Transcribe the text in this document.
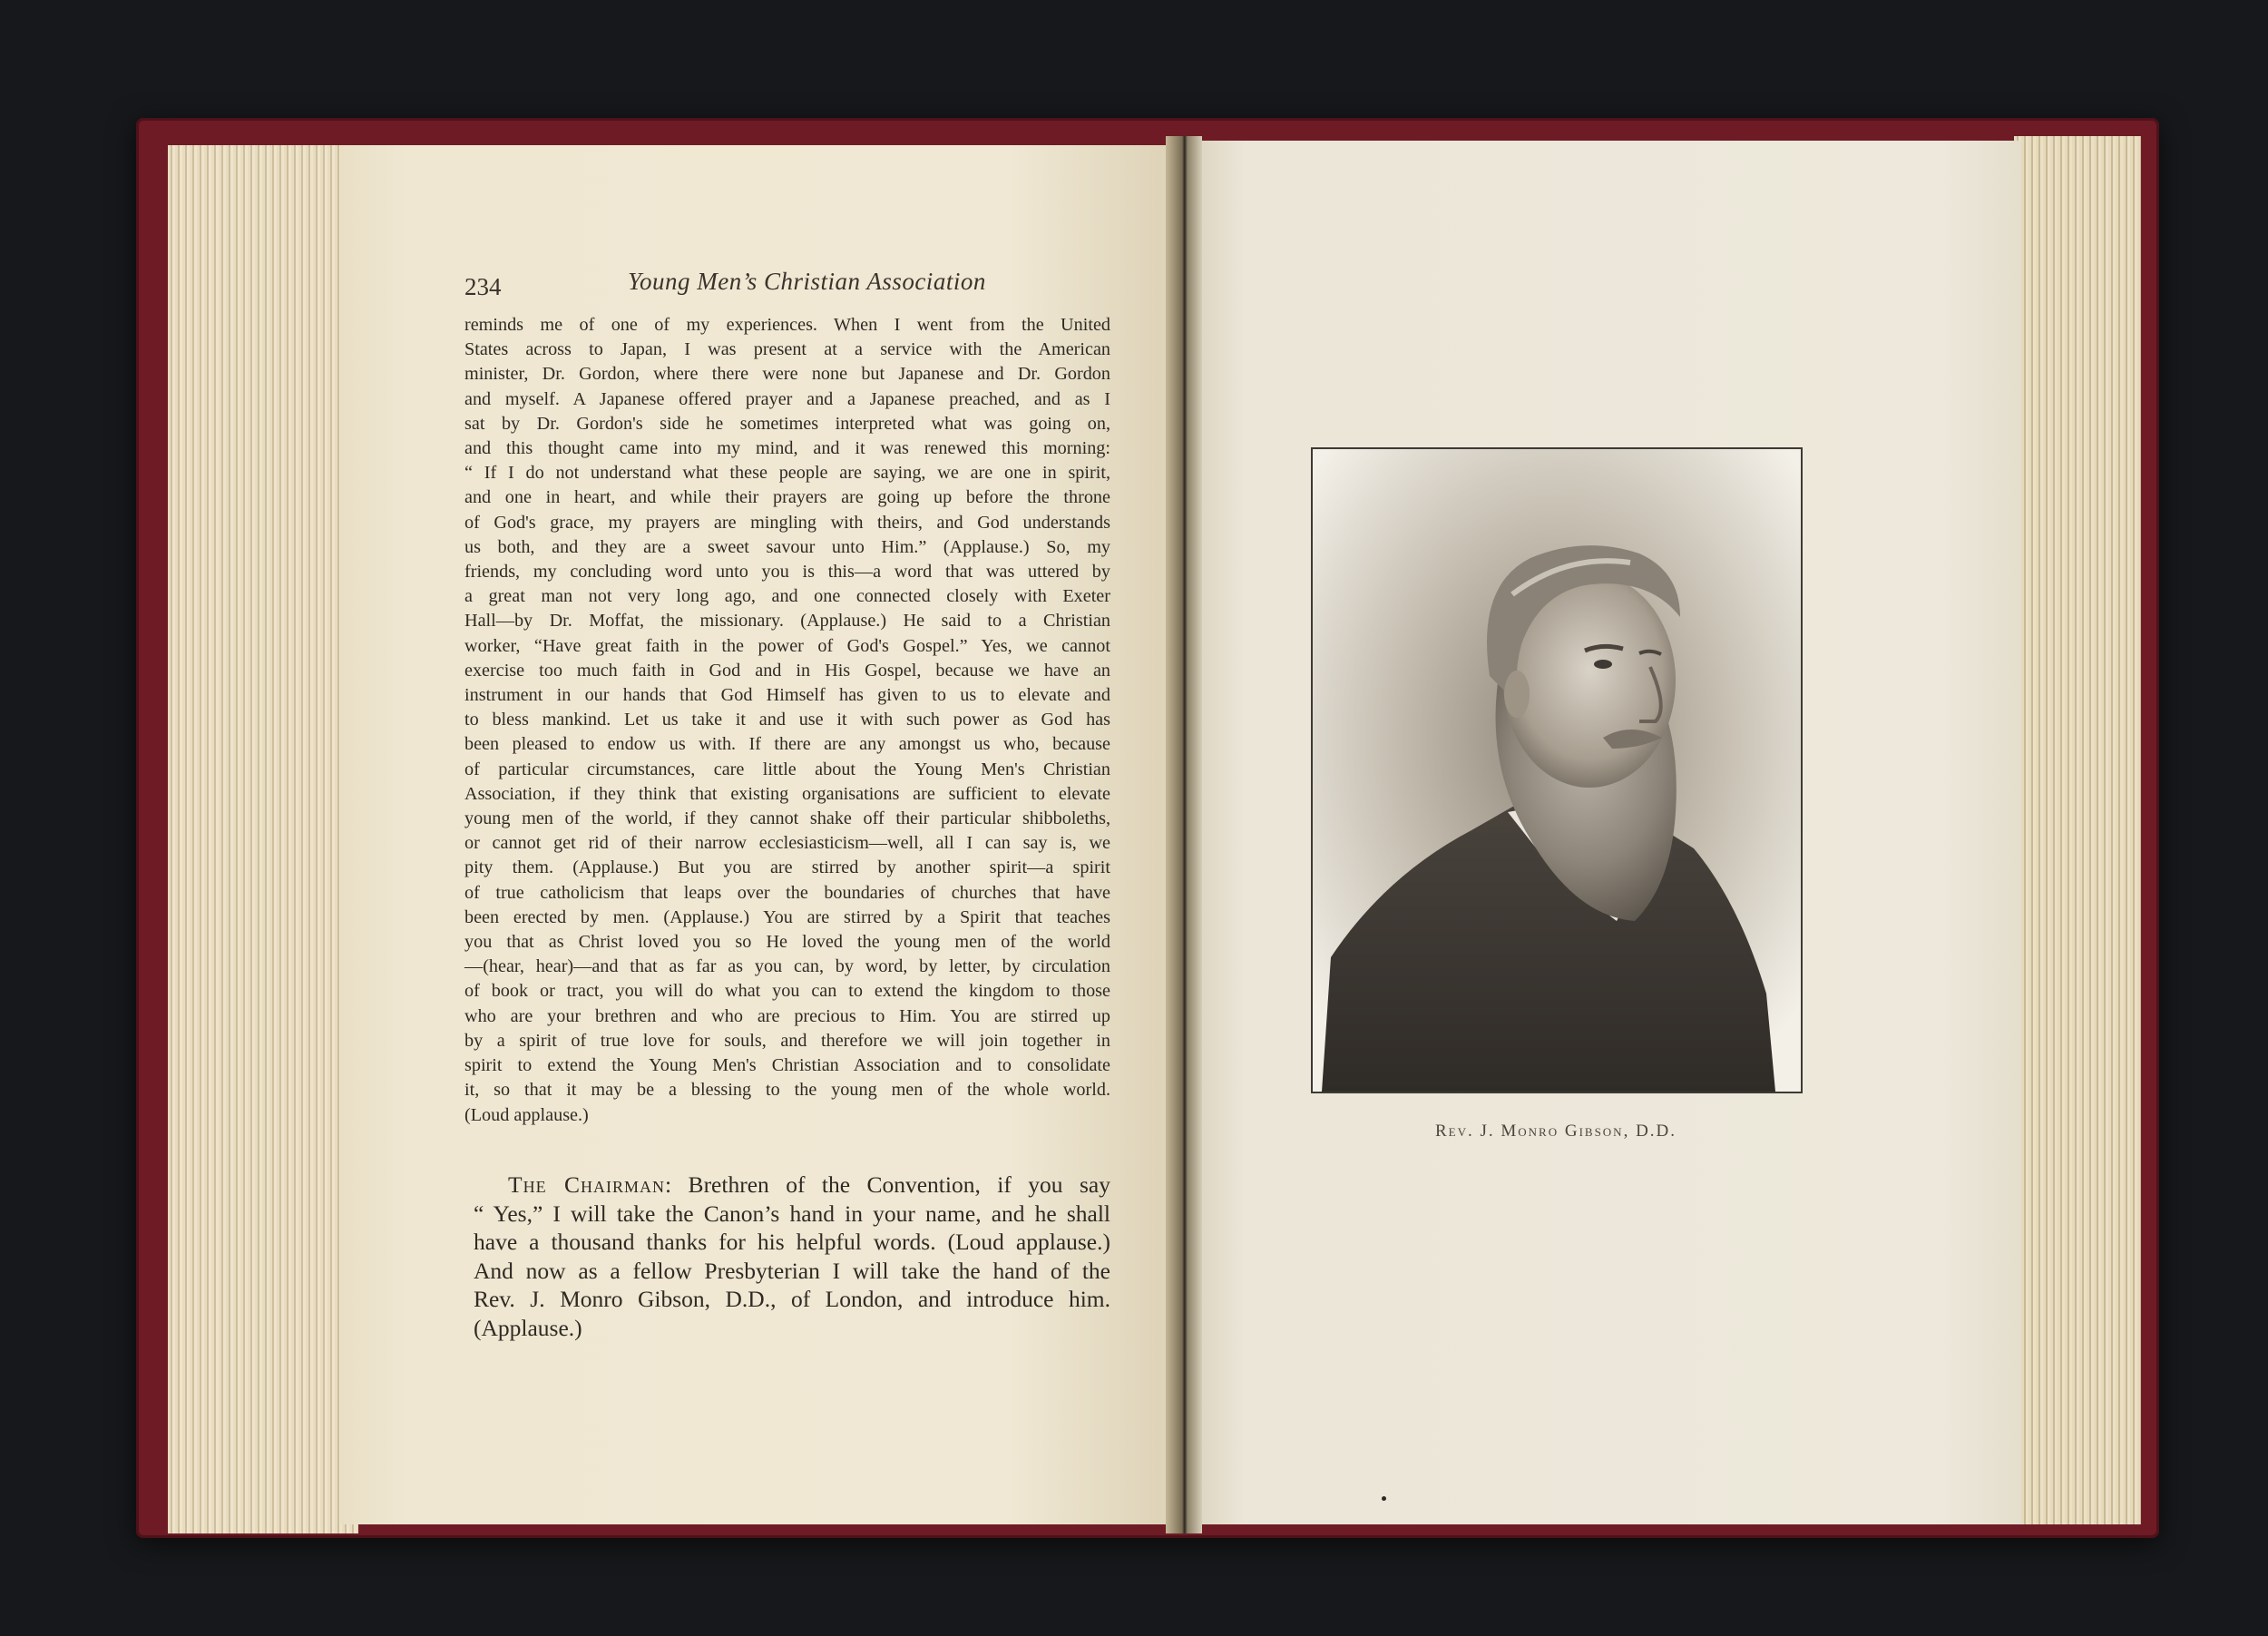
234	Young Men’s Christian Association
reminds me of one of my experiences. When I went from the United
States across to Japan, I was present at a service with the American
minister, Dr. Gordon, where there were none but Japanese and Dr. Gordon
and myself. A Japanese offered prayer and a Japanese preached, and as I
sat by Dr. Gordon's side he sometimes interpreted what was going on,
and this thought came into my mind, and it was renewed this morning:
“ If I do not understand what these people are saying, we are one in spirit,
and one in heart, and while their prayers are going up before the throne
of God's grace, my prayers are mingling with theirs, and God understands
us both, and they are a sweet savour unto Him.” (Applause.) So, my
friends, my concluding word unto you is this—a word that was uttered by
a great man not very long ago, and one connected closely with Exeter
Hall—by Dr. Moffat, the missionary. (Applause.) He said to a Christian
worker, “Have great faith in the power of God's Gospel.” Yes, we cannot
exercise too much faith in God and in His Gospel, because we have an
instrument in our hands that God Himself has given to us to elevate and
to bless mankind. Let us take it and use it with such power as God has
been pleased to endow us with. If there are any amongst us who, because
of particular circumstances, care little about the Young Men's Christian
Association, if they think that existing organisations are sufficient to elevate
young men of the world, if they cannot shake off their particular shibboleths,
or cannot get rid of their narrow ecclesiasticism—well, all I can say is, we
pity them. (Applause.) But you are stirred by another spirit—a spirit
of true catholicism that leaps over the boundaries of churches that have
been erected by men. (Applause.) You are stirred by a Spirit that teaches
you that as Christ loved you so He loved the young men of the world
—(hear, hear)—and that as far as you can, by word, by letter, by circulation
of book or tract, you will do what you can to extend the kingdom to those
who are your brethren and who are precious to Him. You are stirred up
by a spirit of true love for souls, and therefore we will join together in
spirit to extend the Young Men's Christian Association and to consolidate
it, so that it may be a blessing to the young men of the whole world.
(Loud applause.)
The Chairman: Brethren of the Convention, if you say
“ Yes,” I will take the Canon’s hand in your name, and he shall
have a thousand thanks for his helpful words. (Loud applause.)
And now as a fellow Presbyterian I will take the hand of the
Rev. J. Monro Gibson, D.D., of London, and introduce him.
(Applause.)
Rev. J. Monro Gibson, D.D.
